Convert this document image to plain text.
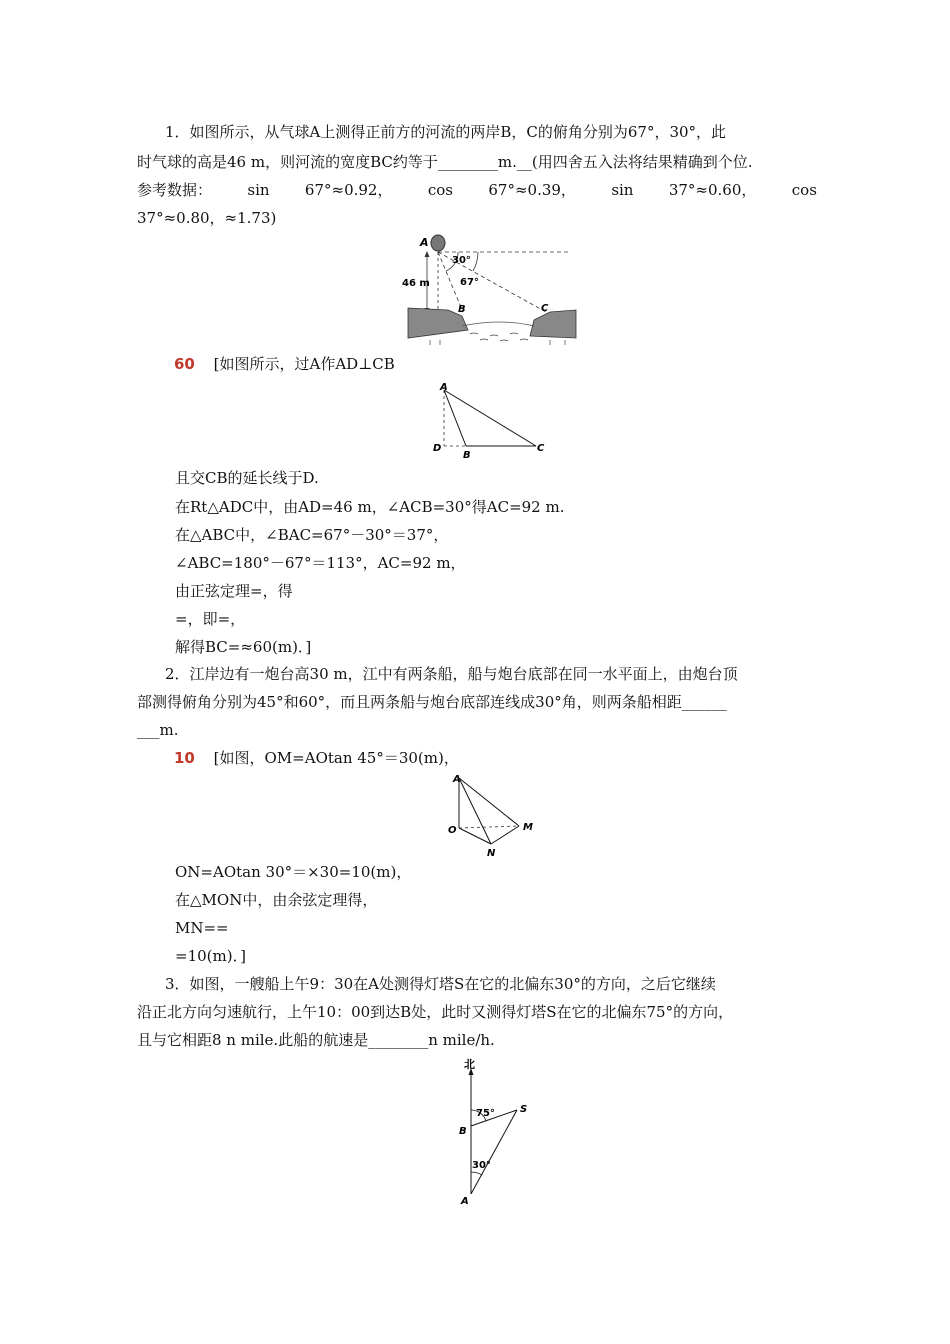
1．如图所示，从气球A上测得正前方的河流的两岸B，C的俯角分别为67°，30°，此
时气球的高是46 m，则河流的宽度BC约等于________m.__(用四舍五入法将结果精确到个位.
参考数据： sin 67°≈0.92， cos 67°≈0.39， sin 37°≈0.60， cos
37°≈0.80，≈1.73)
A
46 m
30°
67°
B	C
60 [如图所示，过A作AD⊥CB
A
D
B
C
且交CB的延长线于D.
在Rt△ADC中，由AD=46 m，∠ACB=30°得AC=92 m.
在△ABC中，∠BAC=67°－30°＝37°，
∠ABC=180°－67°＝113°，AC=92 m，
由正弦定理=，得
=，即=，
解得BC=≈60(m)．]
2．江岸边有一炮台高30 m，江中有两条船，船与炮台底部在同一水平面上，由炮台顶
部测得俯角分别为45°和60°，而且两条船与炮台底部连线成30°角，则两条船相距______
___m.
10 [如图，OM=AOtan 45°＝30(m)，
A
O	M
N
ON=AOtan 30°＝×30=10(m)，
在△MON中，由余弦定理得，
MN==
=10(m)．]
3．如图，一艘船上午9：30在A处测得灯塔S在它的北偏东30°的方向，之后它继续
沿正北方向匀速航行，上午10：00到达B处，此时又测得灯塔S在它的北偏东75°的方向，
且与它相距8 n mile.此船的航速是________n mile/h.
北
75°	S
B
30°
A
